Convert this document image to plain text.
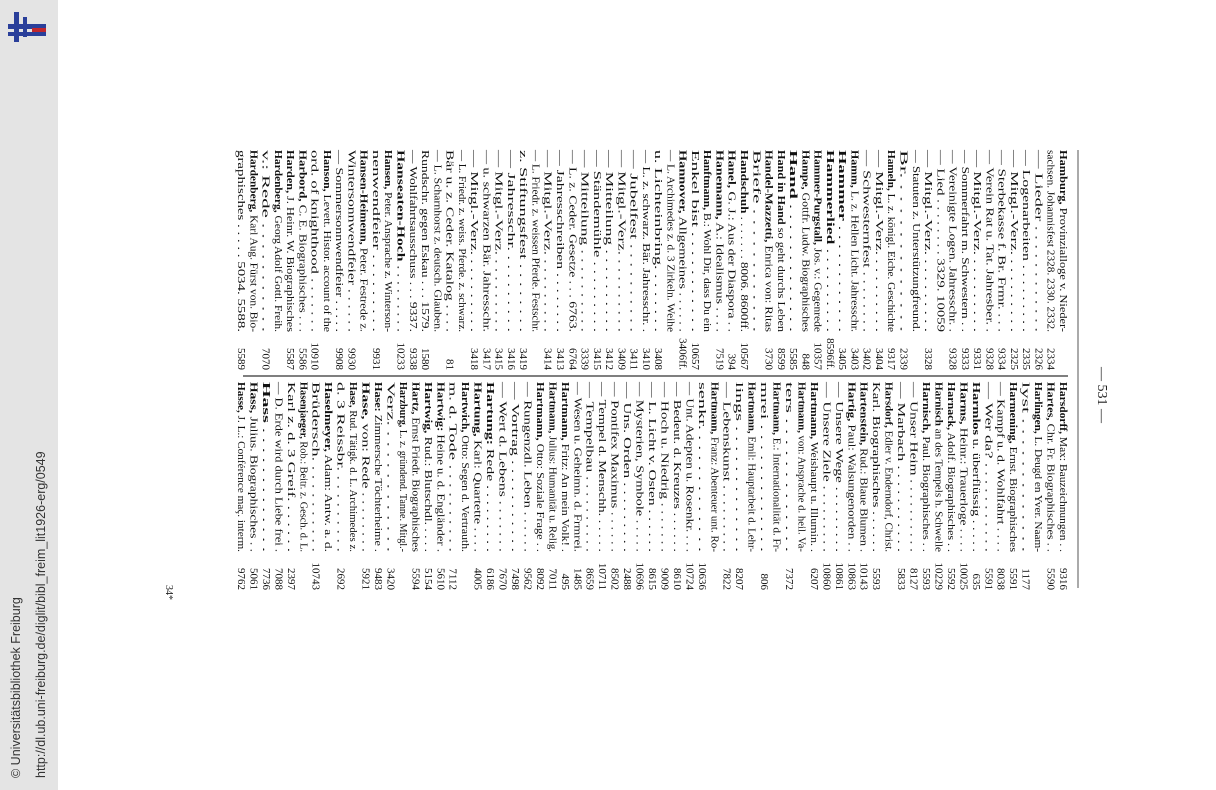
http://dl.ub.uni-freiburg.de/diglit/bibl_freim_lit1926-erg/0549
© Universitätsbibliothek Freiburg
— 531 —
34*
Hamburg, Provinzialloge v. Nieder-
sachsen. Johannisfest 2328. 2330. 2332.
2334
— Lieder . . . . . . . . . . . .
2326
— Logenarbeiten . . . . . . . . .
2335
— Mitgl.-Verz. . . . . . . . . .
2325
— Sterbekasse f. Br. Frmr. . . .
9334
— Verein Rat u. Tat. Jahresber. .
9328
— Mitgl.-Verz. . . . . . . . . .
9331
— Sommerfahrt m. Schwestern . .
9333
— Vereinigte Logen. Jahresschr. .
9328
— Lied . . . . . . . . 3329. 10059
— Mitgl.-Verz. . . . . . . . . .
3328
— Statuten z. Unterstützungfreund.
Br. . . . . . . . . . . . . .
2339
Hameln, L. z. königl. Eiche. Geschichte
9317
— Mitgl.-Verz. . . . . . . . . .
3404
— Schwesternfest . . . . . . . .
3402
Hamm, L. z. Hellen Licht. Jahresschr.
3403
Hammer . . . . . . . . . . . .
3405
Hammerlied . . . . . . . . . .
8596ff.
Hammer-Purgstall, Jos. v.: Gegenrede
10357
Hampe, Gottfr. Ludw. Biographisches
848
Hand . . . . . . . . . . . . .
5585
Hand in Hand so geht durchs Leben
8599
Handel-Mazzetti, Enrica von: Ritas
3730
Briefe . . . . . . . . . . . .
Handschuh . . . . . . . 8006. 8600ff.
10567
Hanel, G. J.: Aus der Diaspora . .
394
Hanemann, A.: Idealismus . . . .
7519
Hanftmann, B.: Wohl Dir, dass Du ein
Enkel bist . . . . . . . . . . .
10657
Hannover, Allgemeines . . . . . .
3406ff.
— L. Archimedes z. d. 3 Zirkeln. Weihe
u. Lichteinbring. . . . . . . .
3408
— L. z. schwarz. Bär. Jahresschr. .
3410
— Jubelfest . . . . . . . . . .
3411
— Mitgl.-Verz. . . . . . . . . .
3409
— Mitteilung . . . . . . . . . .
3412
— Ständemühle . . . . . . . . .
3415
— Mitteilung . . . . . . . . . .
3339
— L. z. Ceder. Gesetze . . . 6763.
6764
— Jahresschreiben . . . . . . . .
3413
— Mitgl.-Verz. . . . . . . . . .
3414
— L. Friedr. z. weissen Pferde. Festschr.
z. Stiftungsfest . . . . . . . .
3419
— Jahresschr. . . . . . . . . .
3416
— Mitgl.-Verz. . . . . . . . . .
3415
— u. schwarzen Bär. Jahresschr.
3417
— Mitgl.-Verz. . . . . . . . . .
3418
— L. Friedr. z. weiss. Pferde. z. schwarz.
Bär u. z. Ceder. Katalog . . . .
81
— L. Scharnhorst z. deutsch. Glauben.
Rundschr. gegen Eskau . . . 1579.
1580
— Wohlfahrtsausschuss . . . 9337.
9338
Hanseaten-Hoch . . . . . . . . .
10233
Hansen, Peter. Ansprache z. Winterson-
nenwendfeier . . . . . . . . .
9931
Hansen-Heimenn, Peter. Festrede z.
Wintersonnwendfeier . . . . . .
9930
— Sommersonnwendfeier . . . . .
9908
Hanson, Levett. Histor. account of the
ord. of knighthood . . . . . . .
10910
Harbord, C. E. Biographisches . . .
5586
Harden, J. Heinr. W. Biographisches
5587
Hardenberg, Georg Adolf Gottl. Freih.
v.: Rede . . . . . . . . . . .
7070
Hardenberg, Karl Aug. Fürst von. Bio-
graphisches . . . . . 5034. 5588.
5589
Harsdorff, Max: Bauzeichnungen . .
9316
Hartes, Chr. Fr. Biographisches . .
5590
Harlingen, L. Deugd en Yver. Naam-
lyst . . . . . . . . . . . . .
1177
Harmening, Ernst. Biographisches
5591
— Kampf u. d. Wohlfahrt . . . .
8038
— Wer da? . . . . . . . . . . .
5591
Harmlos u. überflüssig . . . . .
635
Harms, Heinr.: Trauerloge . . . .
10025
Harnack, Adolf. Biographisches . .
5592
Harnisch an des Tempels h. Schwelle
10229
Harnisch, Paul. Biographisches . .
5593
— Unser Heim . . . . . . . . . .
8127
— Marbach . . . . . . . . . . .
5833
Harsdorf, Edler v. Enderndorf, Christ.
Karl. Biographisches . . . . . .
5593
Hartenstein, Rud.: Blaue Blumen .
10143
Hartig, Paul: Walsungenorden . .
10863
— Unsere Wege . . . . . . . . .
10861
— Unsere Ziele . . . . . . . . .
10860
Hartmann, Weishaupt u. Illumin. .
6207
Hartmann, von: Ansprache d. heil. Va-
ters . . . . . . . . . . . . .
7372
Hartmann, E.: Internationalität d. Fr-
mrei . . . . . . . . . . . . .
806
Hartmann, Emil: Hauptarbeit d. Lehr-
lings . . . . . . . . . . . . .
8207
— Lebenskunst . . . . . . . . .
7822
Hartmann, Franz: Abenteuer unt. Ro-
senkr. . . . . . . . . . . . .
10636
— Unt. Adepten u. Rosenkr. . . .
10724
— Bedeut. d. Kreuzes . . . . . .
8610
— Hoch u. Niedrig . . . . . . .
9009
— L. Licht v. Osten . . . . . .
8615
— Mysterien, Symbole . . . . .
10696
— Uns. Orden . . . . . . . . .
2488
— Pontifex Maximus . . . . . .
8502
— Tempel d. Menschh. . . . . .
10711
— Tempelbau . . . . . . . . . .
8659
— Wesen u. Geheimn. d. Frmrei.
1485
Hartmann, Fritz: An mein Volk! .
495
Hartmann, Julius: Humanität u. Relig.
7011
Hartmann, Otto: Soziale Frage . .
8092
— Rungenzdl. Leben . . . . . .
9562
— Vortrag . . . . . . . . . . .
7498
— Wert d. Lebens . . . . . . .
7670
Hartung: Rede . . . . . . . . .
6186
Hartung, Karl: Quartette . . . .
4005
Hartwich, Otto: Segen d. Vertrauth.
m. d. Tode . . . . . . . . . .
7112
Hartwig: Heine u. d. Engländer .
5610
Hartwig, Rud.: Blutschdl. . . . .
5154
Hartz, Ernst Friedr. Biographisches
5594
Harzburg, L. z. gründend. Tanne. Mitgl.-
Verz. . . . . . . . . . . . .
3420
Hase: Zimmersche Töchterheime .
9483
Hase, von: Rede . . . . . . . .
5921
Hase, Rud. Tätigk. d. L. Archimedes z.
d. 3 Reissbr. . . . . . . . . .
2692
Haselmeyer, Adam: Antw. a. d.
Brüdersch. . . . . . . . . . .
10743
Hasenjaeger, Rob.: Beitr. z. Gesch. d. L.
Karl z. d. 3 Greif. . . . . . .
2397
— D. Erde wird durch Liebe frei .
7088
Hass . . . . . . . . . . . . .
7736
Hass, Julius. Biographisches . .
5061
Hasse, J. L.: Conférence maç. interm.
9762
